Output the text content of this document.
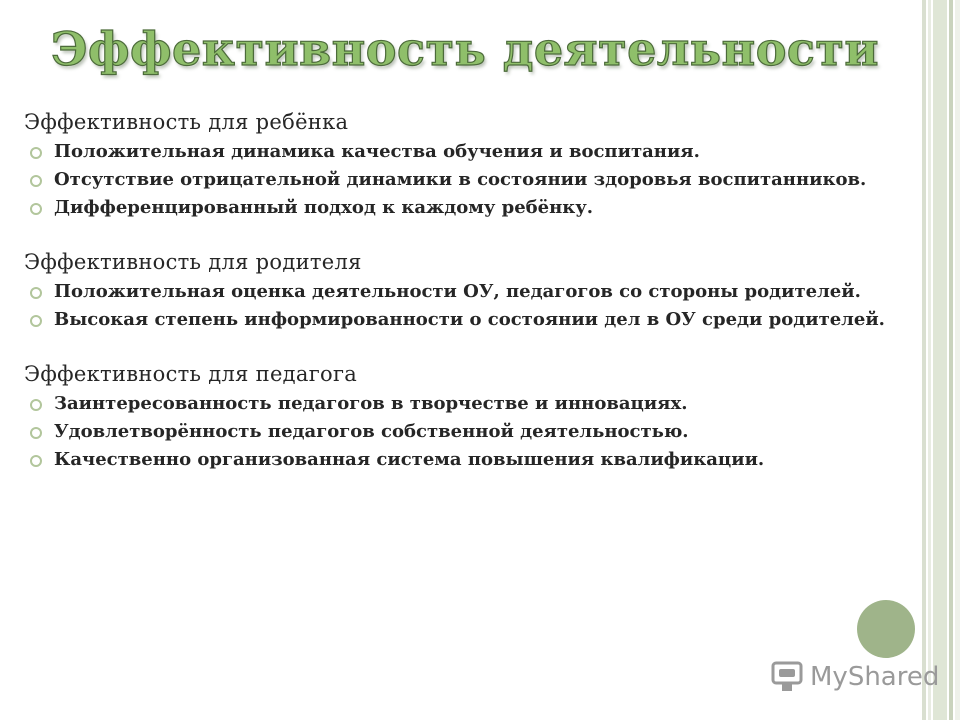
Эффективность деятельности
Эффективность для ребёнка
Положительная динамика качества обучения и воспитания.
Отсутствие отрицательной динамики в состоянии здоровья воспитанников.
Дифференцированный подход к каждому ребёнку.
Эффективность для родителя
Положительная оценка деятельности ОУ, педагогов со стороны родителей.
Высокая степень информированности о состоянии дел в ОУ среди родителей.
Эффективность для педагога
Заинтересованность педагогов в творчестве и инновациях.
Удовлетворённость педагогов собственной деятельностью.
Качественно организованная система повышения квалификации.
MyShared
